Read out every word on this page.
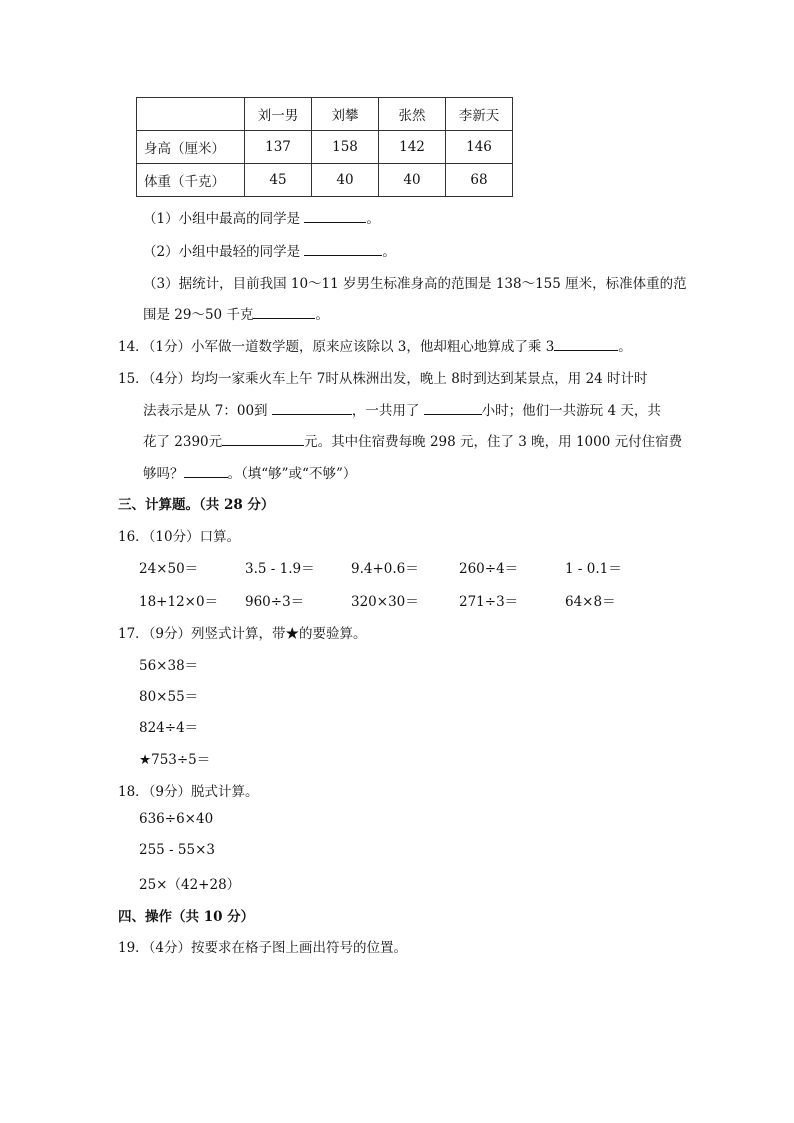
	刘一男	刘攀	张然	李新天
身高（厘米）	137	158	142	146
体重（千克）	45	40	40	68
（1）小组中最高的同学是	。
（2）小组中最轻的同学是	。
（3）据统计，目前我国 10～11 岁男生标准身高的范围是 138～155 厘米，标准体重的范
围是 29～50 千克	。
14．（1分）小军做一道数学题，原来应该除以 3，他却粗心地算成了乘 3	。
15．（4分）均均一家乘火车上午 7时从株洲出发，晚上 8时到达到某景点，用 24 时计时
法表示是从 7：00到	，一共用了	小时；他们一共游玩 4 天，共
花了 2390元	元。其中住宿费每晚 298 元，住了 3 晚，用 1000 元付住宿费
够吗？	。（填“够”或“不够”）
三、计算题。（共 28 分）
16．（10分）口算。
24×50＝	3.5 - 1.9＝	9.4+0.6＝	260÷4＝	1 - 0.1＝
18+12×0＝ 960÷3＝	320×30＝	271÷3＝	64×8＝
17．（9分）列竖式计算，带★的要验算。
56×38＝
80×55＝
824÷4＝
★753÷5＝
18．（9分）脱式计算。
636÷6×40
255 - 55×3
25×（42+28）
四、操作（共 10 分）
19．（4分）按要求在格子图上画出符号的位置。
